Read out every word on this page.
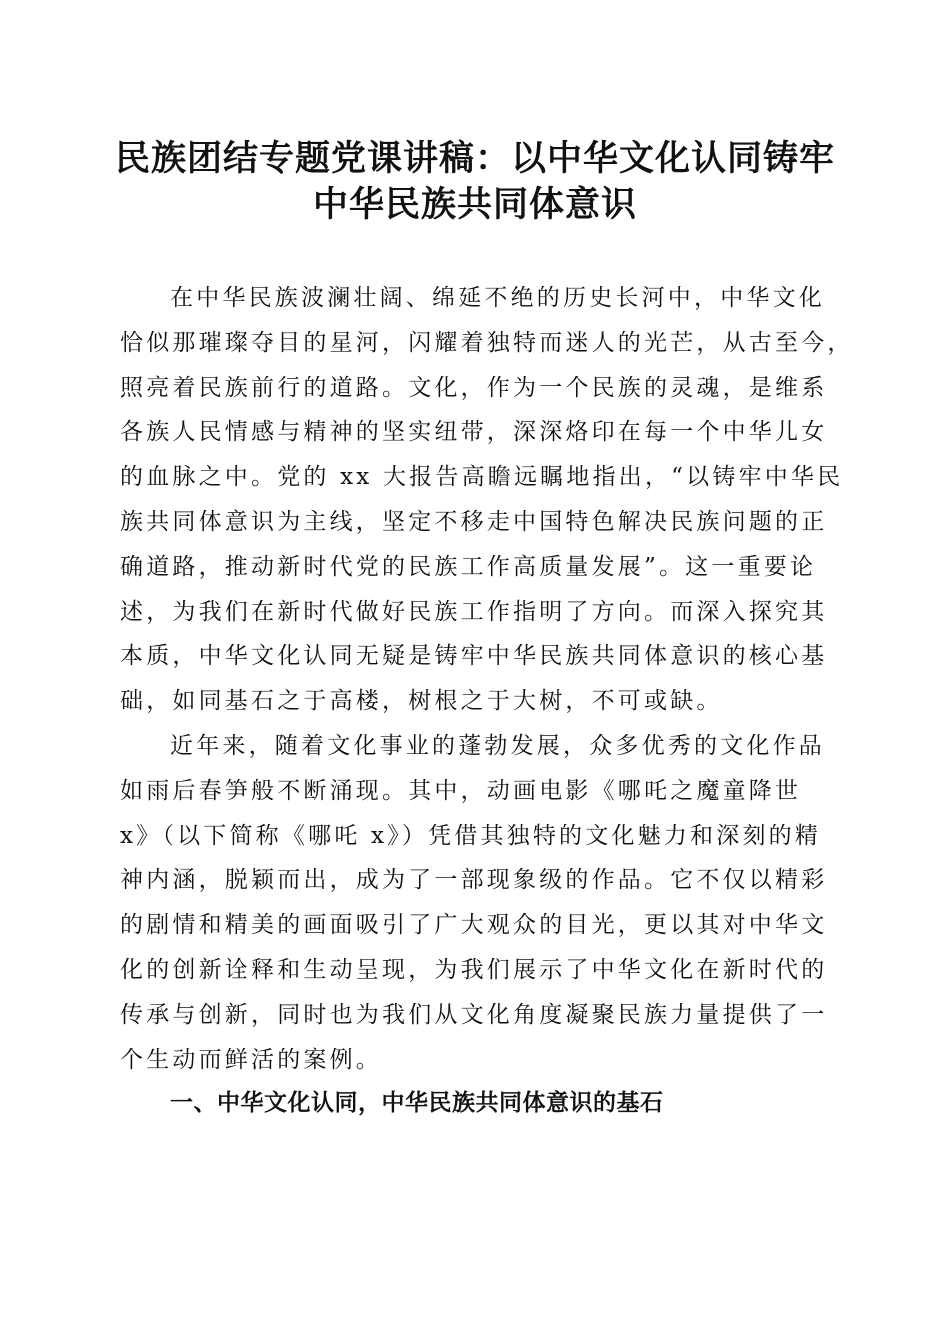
民族团结专题党课讲稿：以中华文化认同铸牢
中华民族共同体意识
在中华民族波澜壮阔、绵延不绝的历史长河中，中华文化
恰似那璀璨夺目的星河，闪耀着独特而迷人的光芒，从古至今，
照亮着民族前行的道路。文化，作为一个民族的灵魂，是维系
各族人民情感与精神的坚实纽带，深深烙印在每一个中华儿女
的血脉之中。党的 xx 大报告高瞻远瞩地指出，“以铸牢中华民
族共同体意识为主线，坚定不移走中国特色解决民族问题的正
确道路，推动新时代党的民族工作高质量发展”。这一重要论
述，为我们在新时代做好民族工作指明了方向。而深入探究其
本质，中华文化认同无疑是铸牢中华民族共同体意识的核心基
础，如同基石之于高楼，树根之于大树，不可或缺。
近年来，随着文化事业的蓬勃发展，众多优秀的文化作品
如雨后春笋般不断涌现。其中，动画电影《哪吒之魔童降世
x》（以下简称《哪吒 x》）凭借其独特的文化魅力和深刻的精
神内涵，脱颖而出，成为了一部现象级的作品。它不仅以精彩
的剧情和精美的画面吸引了广大观众的目光，更以其对中华文
化的创新诠释和生动呈现，为我们展示了中华文化在新时代的
传承与创新，同时也为我们从文化角度凝聚民族力量提供了一
个生动而鲜活的案例。
一、中华文化认同，中华民族共同体意识的基石
